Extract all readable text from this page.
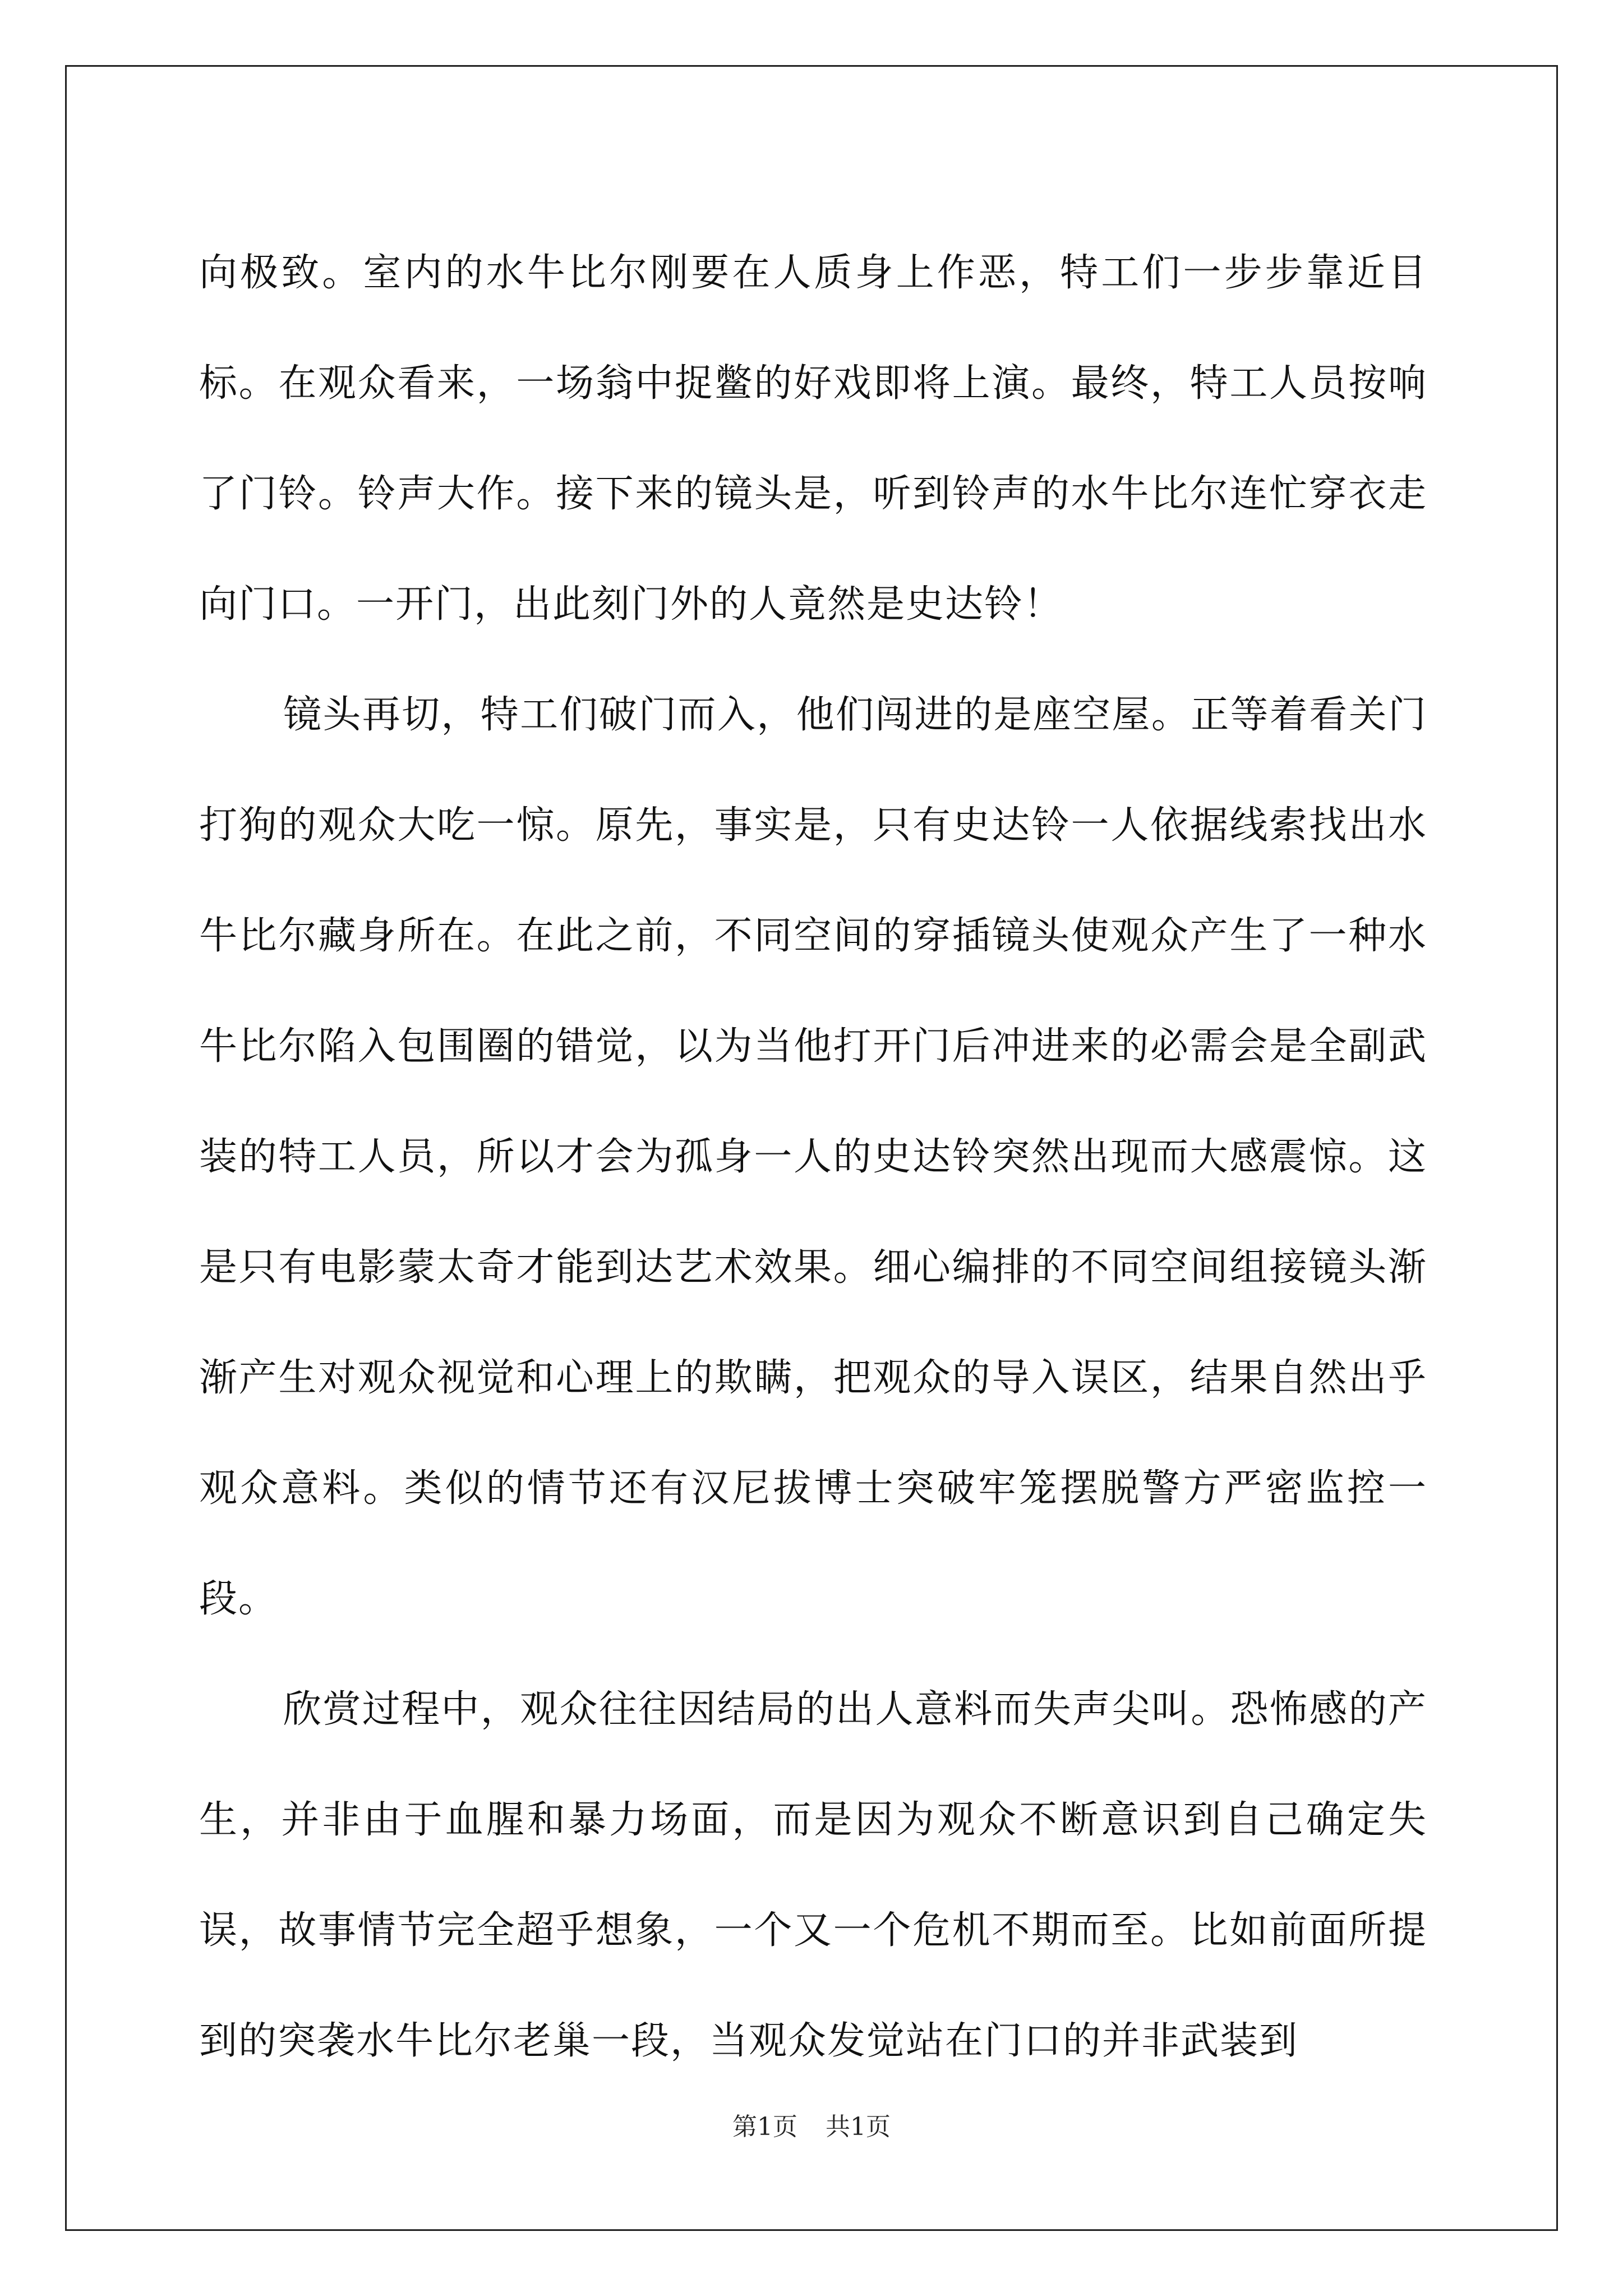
向极致。室内的水牛比尔刚要在人质身上作恶，特工们一步步靠近目标。在观众看来，一场翁中捉鳖的好戏即将上演。最终，特工人员按响了门铃。铃声大作。接下来的镜头是，听到铃声的水牛比尔连忙穿衣走向门口。一开门，出此刻门外的人竟然是史达铃！

镜头再切，特工们破门而入，他们闯进的是座空屋。正等着看关门打狗的观众大吃一惊。原先，事实是，只有史达铃一人依据线索找出水牛比尔藏身所在。在此之前，不同空间的穿插镜头使观众产生了一种水牛比尔陷入包围圈的错觉，以为当他打开门后冲进来的必需会是全副武装的特工人员，所以才会为孤身一人的史达铃突然出现而大感震惊。这是只有电影蒙太奇才能到达艺术效果。细心编排的不同空间组接镜头渐渐产生对观众视觉和心理上的欺瞒，把观众的导入误区，结果自然出乎观众意料。类似的情节还有汉尼拔博士突破牢笼摆脱警方严密监控一段。

欣赏过程中，观众往往因结局的出人意料而失声尖叫。恐怖感的产生，并非由于血腥和暴力场面，而是因为观众不断意识到自己确定失误，故事情节完全超乎想象，一个又一个危机不期而至。比如前面所提到的突袭水牛比尔老巢一段，当观众发觉站在门口的并非武装到

第1页 共1页
